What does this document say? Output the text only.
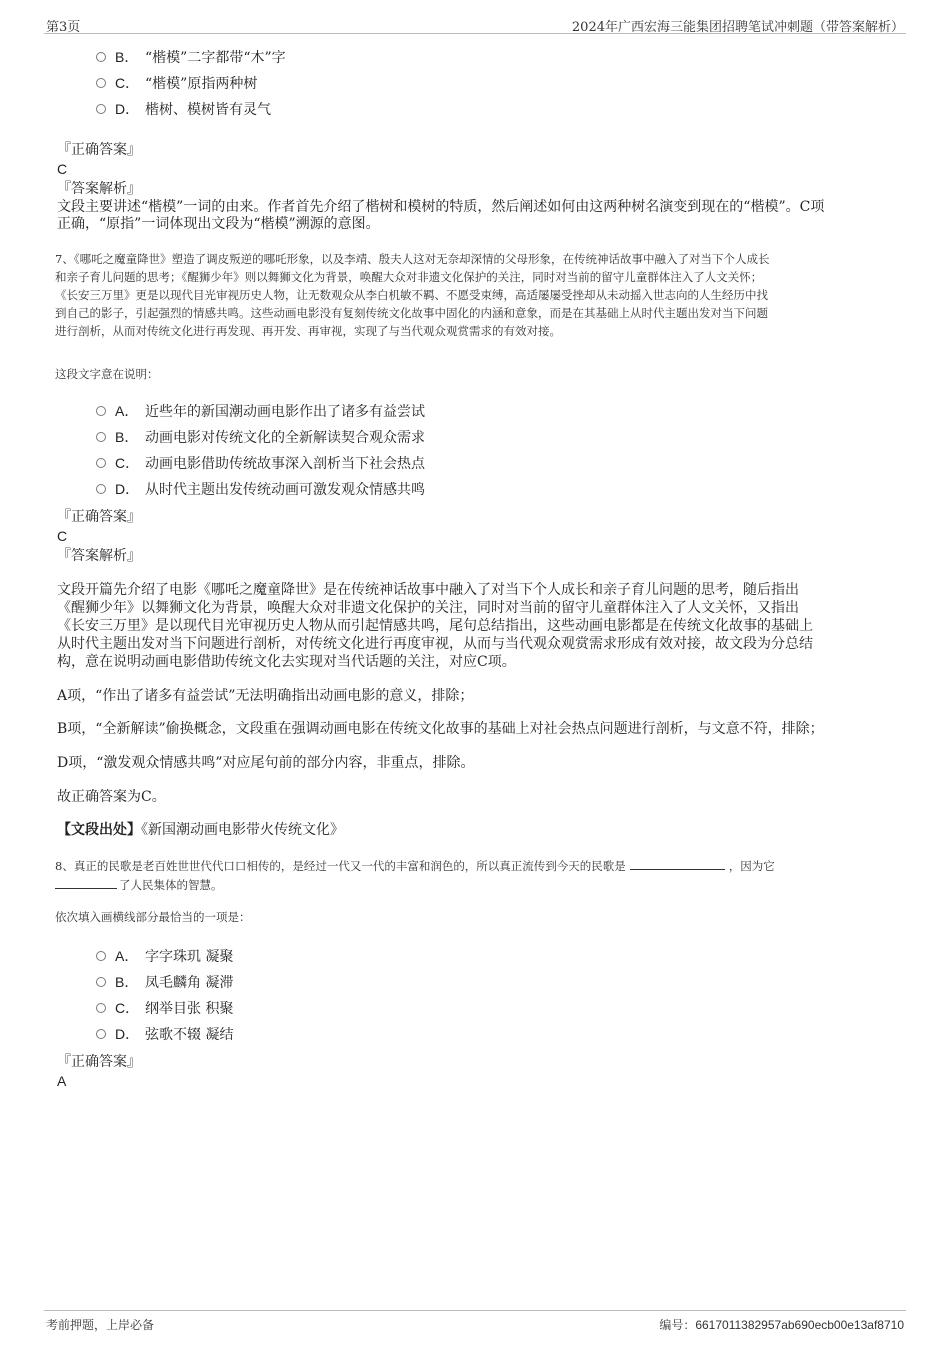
第3页	2024年广西宏海三能集团招聘笔试冲刺题（带答案解析）
B． “楷模”二字都带“木”字
C． “楷模”原指两种树
D． 楷树、模树皆有灵气
『正确答案』
C
『答案解析』
文段主要讲述“楷模”一词的由来。作者首先介绍了楷树和模树的特质，然后阐述如何由这两种树名演变到现在的“楷模”。C项
正确，“原指”一词体现出文段为“楷模”溯源的意图。
7、《哪吒之魔童降世》塑造了调皮叛逆的哪吒形象，以及李靖、殷夫人这对无奈却深情的父母形象，在传统神话故事中融入了对当下个人成长
和亲子育儿问题的思考；《醒狮少年》则以舞狮文化为背景，唤醒大众对非遗文化保护的关注，同时对当前的留守儿童群体注入了人文关怀；
《长安三万里》更是以现代目光审视历史人物，让无数观众从李白机敏不羁、不愿受束缚，高适屡屡受挫却从未动摇入世志向的人生经历中找
到自己的影子，引起强烈的情感共鸣。这些动画电影没有复刻传统文化故事中固化的内涵和意象，而是在其基础上从时代主题出发对当下问题
进行剖析，从而对传统文化进行再发现、再开发、再审视，实现了与当代观众观赏需求的有效对接。
这段文字意在说明：
A． 近些年的新国潮动画电影作出了诸多有益尝试
B． 动画电影对传统文化的全新解读契合观众需求
C． 动画电影借助传统故事深入剖析当下社会热点
D． 从时代主题出发传统动画可激发观众情感共鸣
『正确答案』
C
『答案解析』
文段开篇先介绍了电影《哪吒之魔童降世》是在传统神话故事中融入了对当下个人成长和亲子育儿问题的思考，随后指出
《醒狮少年》以舞狮文化为背景，唤醒大众对非遗文化保护的关注，同时对当前的留守儿童群体注入了人文关怀，又指出
《长安三万里》是以现代目光审视历史人物从而引起情感共鸣，尾句总结指出，这些动画电影都是在传统文化故事的基础上
从时代主题出发对当下问题进行剖析，对传统文化进行再度审视，从而与当代观众观赏需求形成有效对接，故文段为分总结
构，意在说明动画电影借助传统文化去实现对当代话题的关注，对应C项。
A项，“作出了诸多有益尝试”无法明确指出动画电影的意义，排除；
B项，“全新解读”偷换概念，文段重在强调动画电影在传统文化故事的基础上对社会热点问题进行剖析，与文意不符，排除；
D项，“激发观众情感共鸣”对应尾句前的部分内容，非重点，排除。
故正确答案为C。
【文段出处】《新国潮动画电影带火传统文化》
8、真正的民歌是老百姓世世代代口口相传的，是经过一代又一代的丰富和润色的，所以真正流传到今天的民歌是	，因为它
了人民集体的智慧。
依次填入画横线部分最恰当的一项是：
A． 字字珠玑 凝聚
B． 凤毛麟角 凝滞
C． 纲举目张 积聚
D． 弦歌不辍 凝结
『正确答案』
A
考前押题，上岸必备	编号：6617011382957ab690ecb00e13af8710
